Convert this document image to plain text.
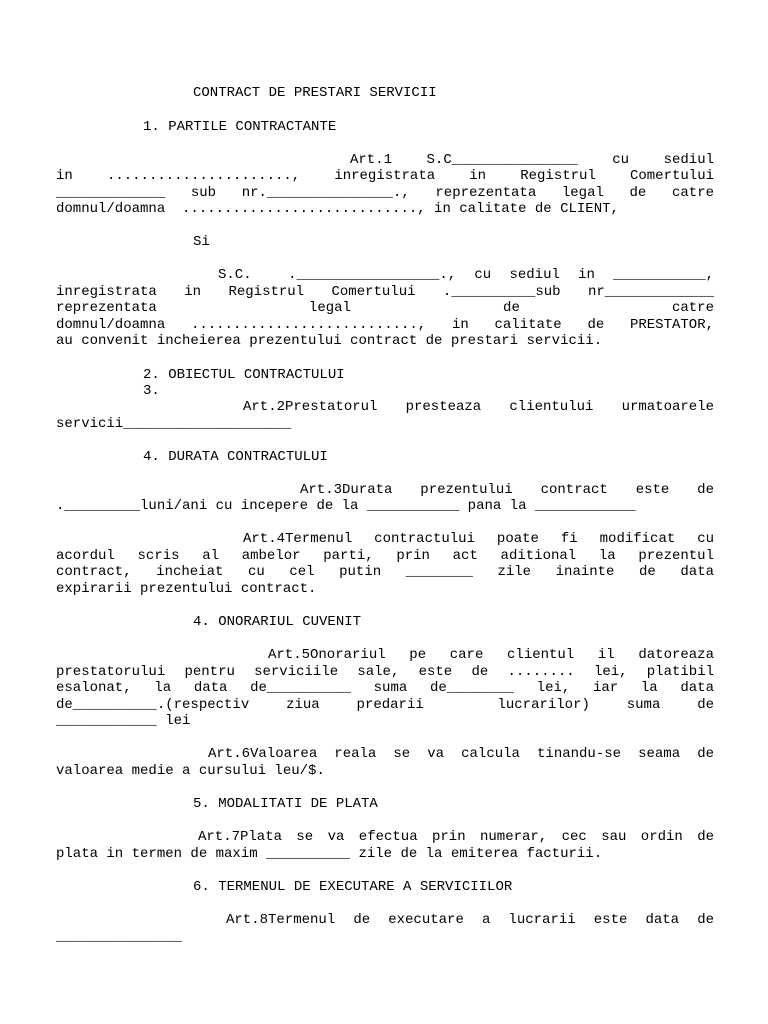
CONTRACT DE PRESTARI SERVICII
1. PARTILE CONTRACTANTE
Art.1  S.C_______________  cu  sediul
in  ......................,  inregistrata  in  Registrul  Comertului
_____________  sub  nr._______________.,  reprezentata  legal  de  catre
domnul/doamna  ............................, in calitate de CLIENT,
Si
S.C.  ._________________., cu sediul in ___________,
inregistrata in Registrul Comertului .__________sub nr_____________
reprezentata            legal            de            catre
domnul/doamna ..........................., in calitate de PRESTATOR,
au convenit incheierea prezentului contract de prestari servicii.
2. OBIECTUL CONTRACTULUI
3.
Art.2Prestatorul presteaza clientului urmatoarele
servicii____________________
4. DURATA CONTRACTULUI
Art.3Durata  prezentului  contract  este  de
._________luni/ani cu incepere de la ___________ pana la ____________
Art.4Termenul contractului poate fi modificat cu
acordul scris al ambelor parti, prin act aditional la prezentul
contract, incheiat cu cel putin ________ zile inainte de data
expirarii prezentului contract.
4. ONORARIUL CUVENIT
Art.5Onorariul pe care clientul il datoreaza
prestatorului pentru serviciile sale, este de ........ lei, platibil
esalonat, la data de__________ suma de________ lei, iar la data
de__________.(respectiv  ziua  predarii    lucrarilor)  suma  de
____________ lei
Art.6Valoarea reala se va calcula tinandu-se seama de
valoarea medie a cursului leu/$.
5. MODALITATI DE PLATA
Art.7Plata se va efectua prin numerar, cec sau ordin de
plata in termen de maxim __________ zile de la emiterea facturii.
6. TERMENUL DE EXECUTARE A SERVICIILOR
Art.8Termenul de executare a lucrarii este data de
_______________
